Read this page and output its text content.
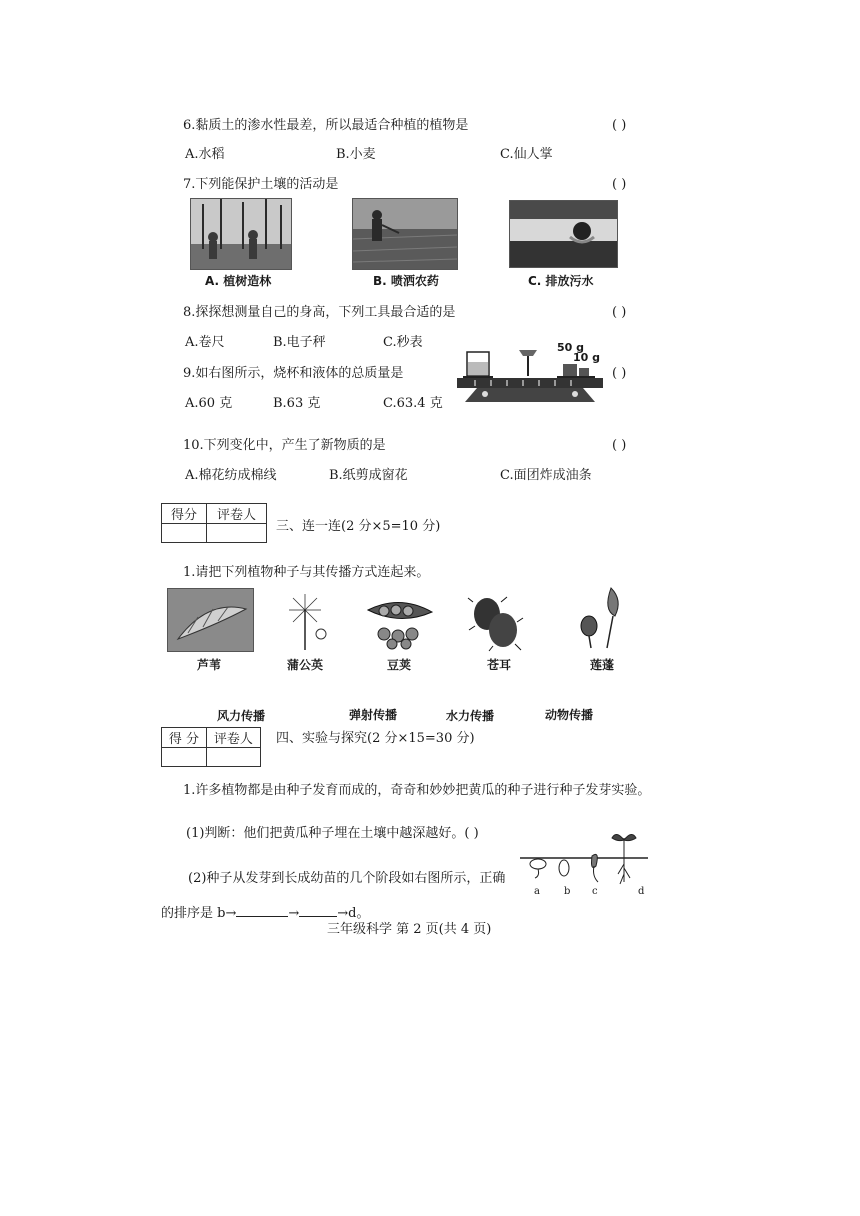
6.黏质土的渗水性最差，所以最适合种植的植物是	( )
A.水稻	B.小麦	C.仙人掌
7.下列能保护土壤的活动是	( )
A. 植树造林	B. 喷洒农药	C. 排放污水
8.探探想测量自己的身高，下列工具最合适的是	( )
A.卷尺	B.电子秤	C.秒表
9.如右图所示，烧杯和液体的总质量是	( )
A.60 克	B.63 克	C.63.4 克
50 g
10 g
10.下列变化中，产生了新物质的是	( )
A.棉花纺成棉线	B.纸剪成窗花	C.面团炸成油条
得分	评卷人

三、连一连(2 分×5=10 分)
1.请把下列植物种子与其传播方式连起来。
芦苇	蒲公英	豆荚	苍耳	莲蓬
风力传播	弹射传播	水力传播	动物传播
得 分	评卷人
	四、实验与探究(2 分×15=30 分)
1.许多植物都是由种子发育而成的，奇奇和妙妙把黄瓜的种子进行种子发芽实验。
(1)判断：他们把黄瓜种子埋在土壤中越深越好。( )
(2)种子从发芽到长成幼苗的几个阶段如右图所示，正确
的排序是 b→	→	→d。
a b c	d
三年级科学 第 2 页(共 4 页)
